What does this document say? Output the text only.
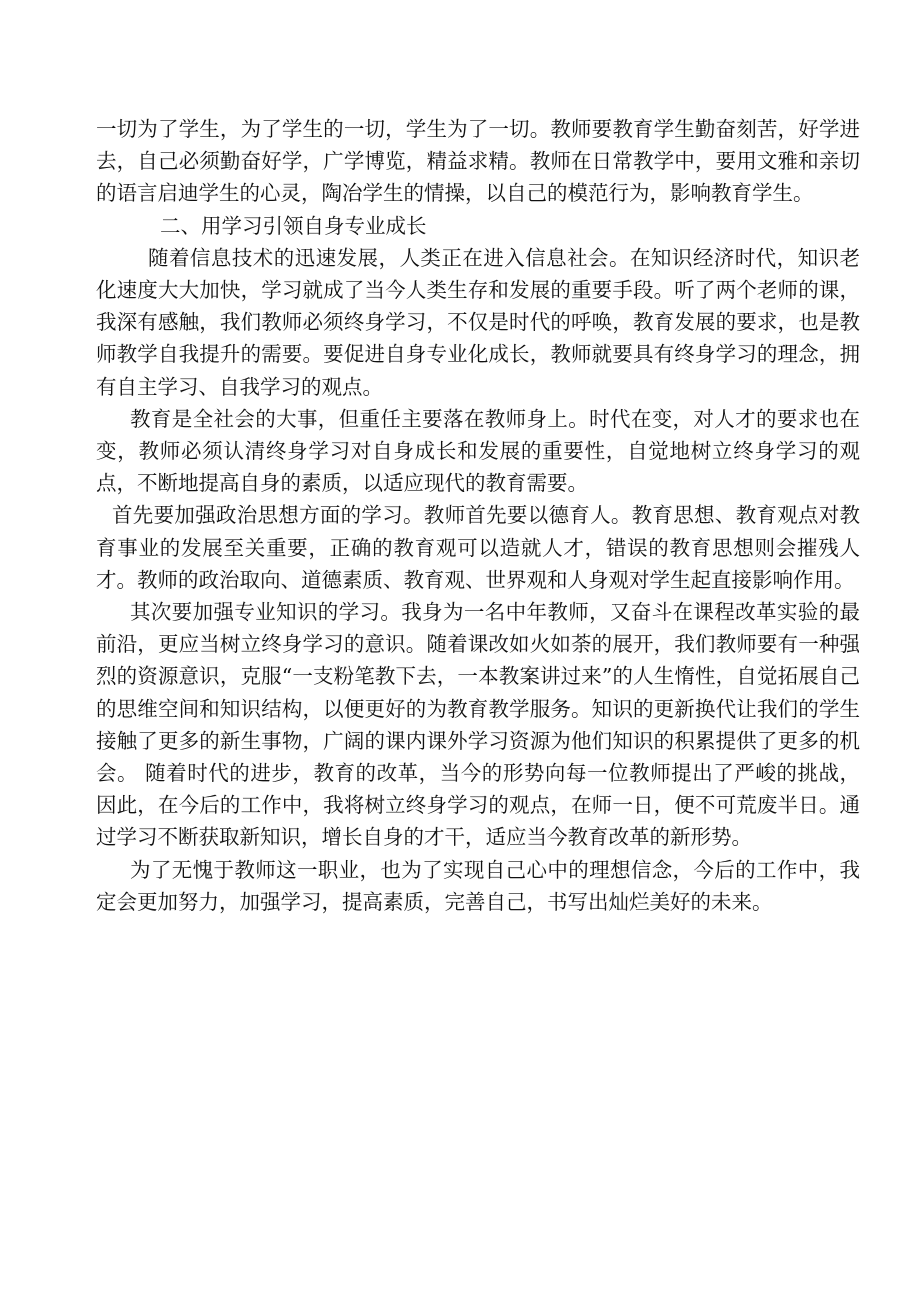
一切为了学生，为了学生的一切，学生为了一切。教师要教育学生勤奋刻苦，好学进去，自己必须勤奋好学，广学博览，精益求精。教师在日常教学中，要用文雅和亲切的语言启迪学生的心灵，陶冶学生的情操，以自己的模范行为，影响教育学生。

二、用学习引领自身专业成长

随着信息技术的迅速发展，人类正在进入信息社会。在知识经济时代，知识老化速度大大加快，学习就成了当今人类生存和发展的重要手段。听了两个老师的课，我深有感触，我们教师必须终身学习，不仅是时代的呼唤，教育发展的要求，也是教师教学自我提升的需要。要促进自身专业化成长，教师就要具有终身学习的理念，拥有自主学习、自我学习的观点。

教育是全社会的大事，但重任主要落在教师身上。时代在变，对人才的要求也在变，教师必须认清终身学习对自身成长和发展的重要性，自觉地树立终身学习的观点，不断地提高自身的素质，以适应现代的教育需要。

首先要加强政治思想方面的学习。教师首先要以德育人。教育思想、教育观点对教育事业的发展至关重要，正确的教育观可以造就人才，错误的教育思想则会摧残人才。教师的政治取向、道德素质、教育观、世界观和人身观对学生起直接影响作用。

其次要加强专业知识的学习。我身为一名中年教师，又奋斗在课程改革实验的最前沿，更应当树立终身学习的意识。随着课改如火如荼的展开，我们教师要有一种强烈的资源意识，克服“一支粉笔教下去，一本教案讲过来”的人生惰性，自觉拓展自己的思维空间和知识结构，以便更好的为教育教学服务。知识的更新换代让我们的学生接触了更多的新生事物，广阔的课内课外学习资源为他们知识的积累提供了更多的机会。 随着时代的进步，教育的改革，当今的形势向每一位教师提出了严峻的挑战，因此，在今后的工作中，我将树立终身学习的观点，在师一日，便不可荒废半日。通过学习不断获取新知识，增长自身的才干，适应当今教育改革的新形势。

为了无愧于教师这一职业，也为了实现自己心中的理想信念，今后的工作中，我定会更加努力，加强学习，提高素质，完善自己，书写出灿烂美好的未来。
